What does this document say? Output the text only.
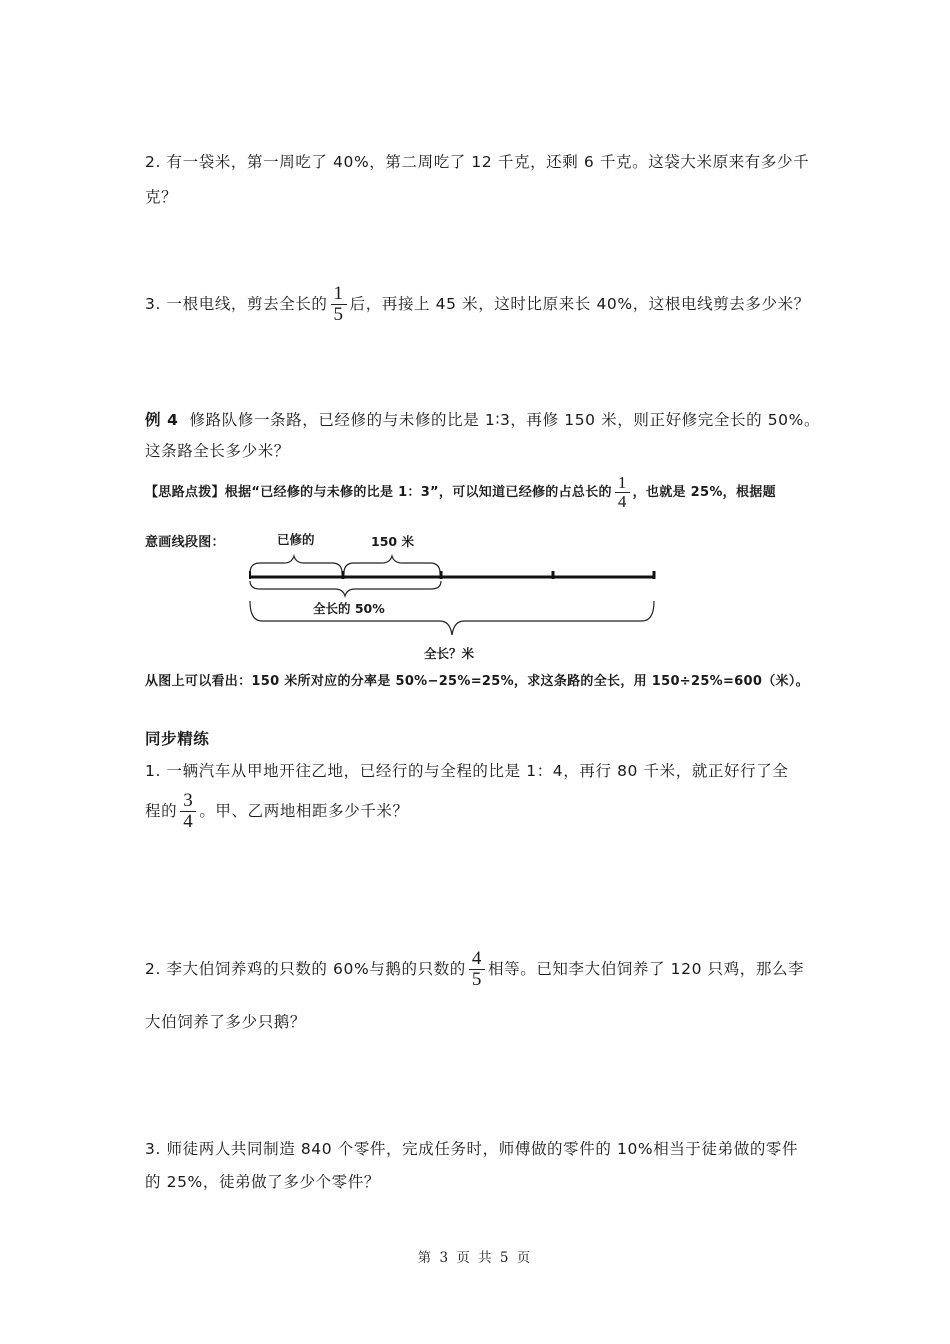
2. 有一袋米，第一周吃了 40%，第二周吃了 12 千克，还剩 6 千克。这袋大米原来有多少千
克？
3. 一根电线，剪去全长的 $\frac{1}{5}$ 后，再接上 45 米，这时比原来长 40%，这根电线剪去多少米？
例 4 修路队修一条路，已经修的与未修的比是 1∶3，再修 150 米，则正好修完全长的 50%。
这条路全长多少米？
【思路点拨】根据“已经修的与未修的比是 1：3”，可以知道已经修的占总长的 $\frac{1}{4}$ ，也就是 25%，根据题
意画线段图：	已修的	150 米
全长的 50%
全长？米
从图上可以看出：150 米所对应的分率是 50%−25%=25%，求这条路的全长，用 150÷25%=600（米）。
同步精练
1. 一辆汽车从甲地开往乙地，已经行的与全程的比是 1：4，再行 80 千米，就正好行了全
程的 $\frac{3}{4}$ 。甲、乙两地相距多少千米？
2. 李大伯饲养鸡的只数的 60%与鹅的只数的 $\frac{4}{5}$ 相等。已知李大伯饲养了 120 只鸡，那么李
大伯饲养了多少只鹅？
3. 师徒两人共同制造 840 个零件，完成任务时，师傅做的零件的 10%相当于徒弟做的零件
的 25%，徒弟做了多少个零件？
第 3 页 共 5 页
